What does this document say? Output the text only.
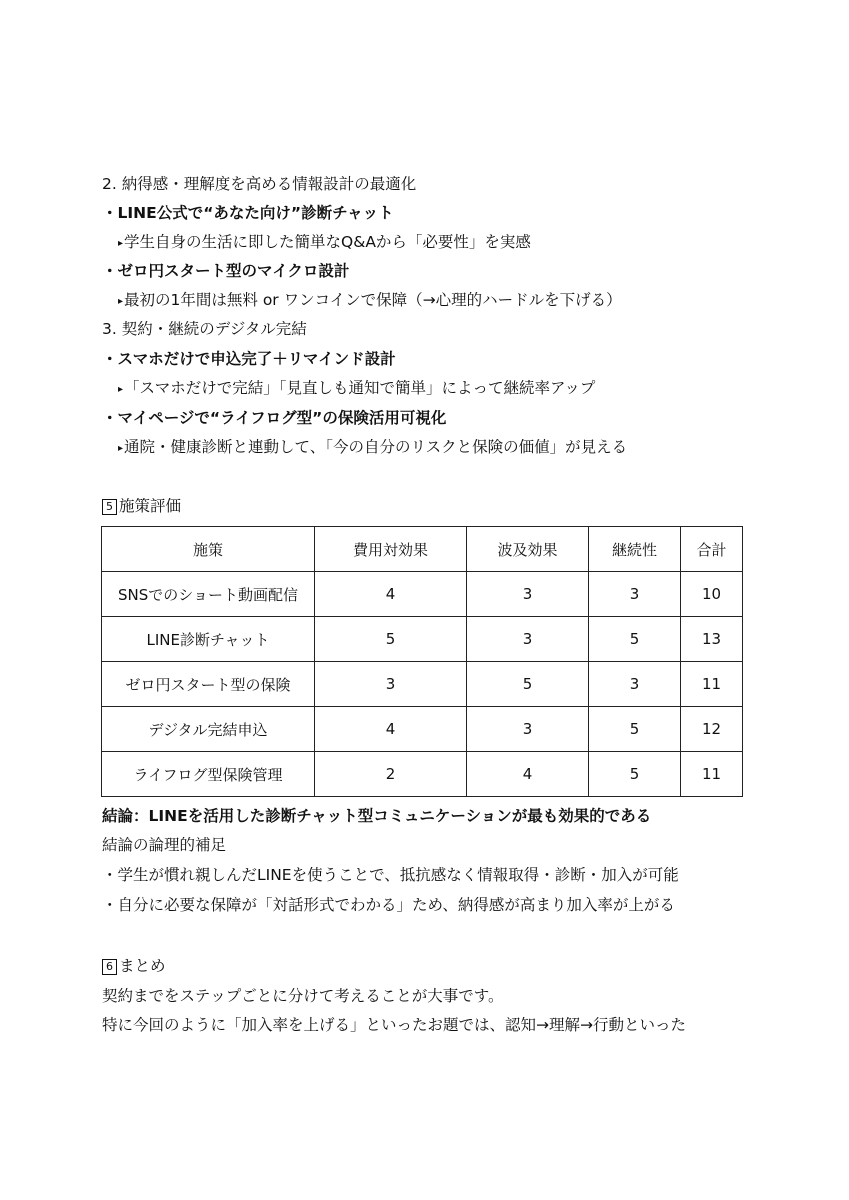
2. 納得感・理解度を高める情報設計の最適化
・LINE公式で“あなた向け”診断チャット
▸学生自身の生活に即した簡単なQ&Aから「必要性」を実感
・ゼロ円スタート型のマイクロ設計
▸最初の1年間は無料 or ワンコインで保障（→心理的ハードルを下げる）
3. 契約・継続のデジタル完結
・スマホだけで申込完了＋リマインド設計
▸「スマホだけで完結」「見直しも通知で簡単」によって継続率アップ
・マイページで“ライフログ型”の保険活用可視化
▸通院・健康診断と連動して、「今の自分のリスクと保険の価値」が見える
5 施策評価
施策	費用対効果	波及効果	継続性	合計
SNSでのショート動画配信	4	3	3	10
LINE診断チャット	5	3	5	13
ゼロ円スタート型の保険	3	5	3	11
デジタル完結申込	4	3	5	12
ライフログ型保険管理	2	4	5	11
結論：LINEを活用した診断チャット型コミュニケーションが最も効果的である
結論の論理的補足
・学生が慣れ親しんだLINEを使うことで、抵抗感なく情報取得・診断・加入が可能
・自分に必要な保障が「対話形式でわかる」ため、納得感が高まり加入率が上がる
6 まとめ
契約までをステップごとに分けて考えることが大事です。
特に今回のように「加入率を上げる」といったお題では、認知→理解→行動といった
